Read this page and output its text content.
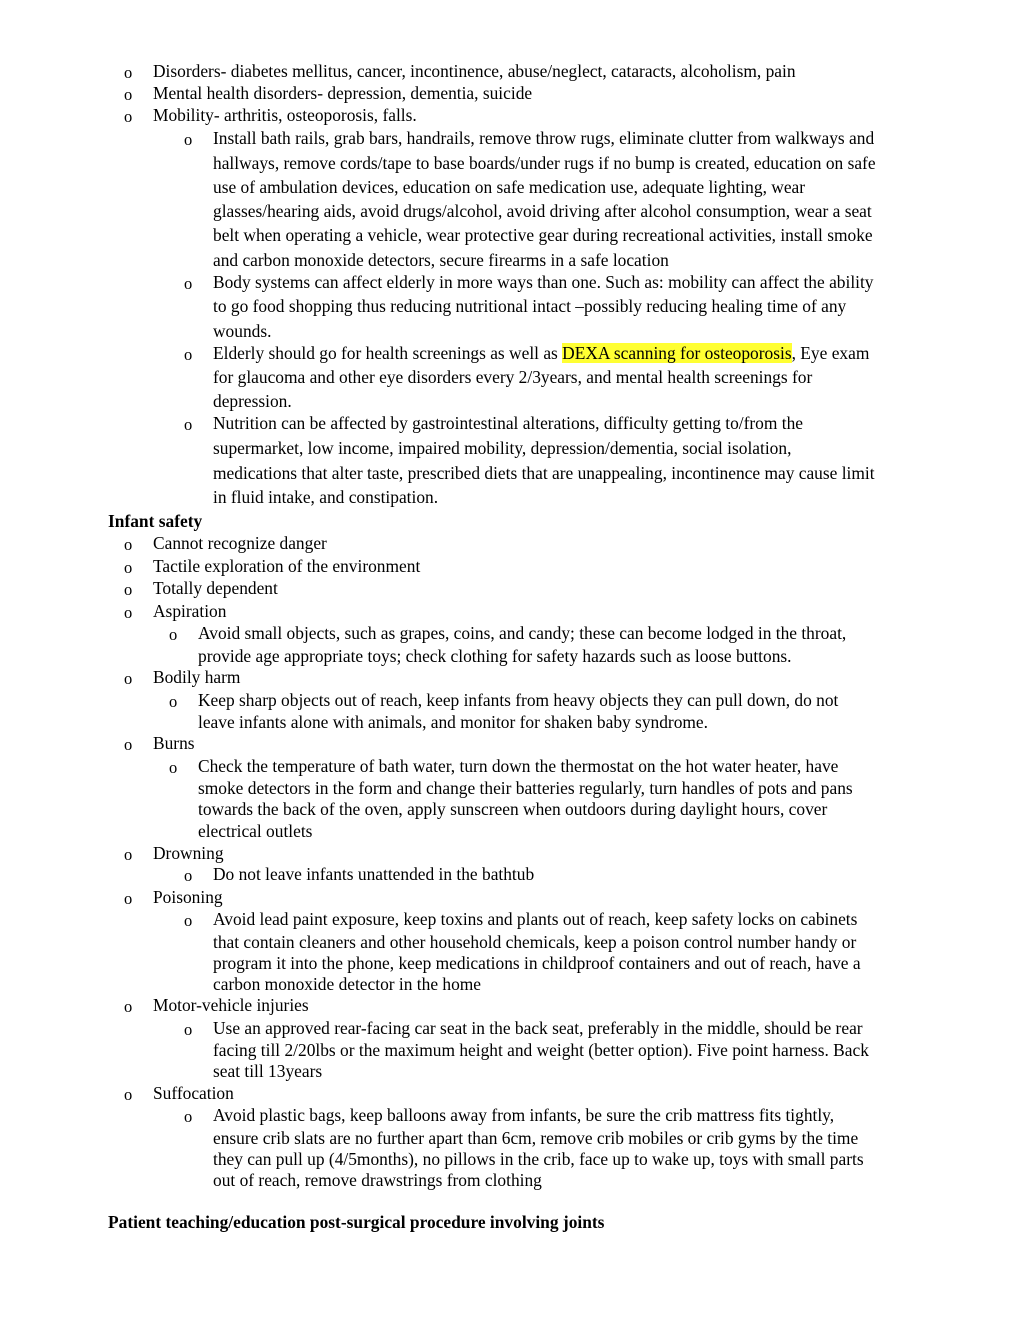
o Disorders- diabetes mellitus, cancer, incontinence, abuse/neglect, cataracts, alcoholism, pain
o Mental health disorders- depression, dementia, suicide
o Mobility- arthritis, osteoporosis, falls.
o Install bath rails, grab bars, handrails, remove throw rugs, eliminate clutter from walkways and
hallways, remove cords/tape to base boards/under rugs if no bump is created, education on safe
use of ambulation devices, education on safe medication use, adequate lighting, wear
glasses/hearing aids, avoid drugs/alcohol, avoid driving after alcohol consumption, wear a seat
belt when operating a vehicle, wear protective gear during recreational activities, install smoke
and carbon monoxide detectors, secure firearms in a safe location
o Body systems can affect elderly in more ways than one. Such as: mobility can affect the ability
to go food shopping thus reducing nutritional intact –possibly reducing healing time of any
wounds.
o Elderly should go for health screenings as well as DEXA scanning for osteoporosis, Eye exam
for glaucoma and other eye disorders every 2/3years, and mental health screenings for
depression.
o Nutrition can be affected by gastrointestinal alterations, difficulty getting to/from the
supermarket, low income, impaired mobility, depression/dementia, social isolation,
medications that alter taste, prescribed diets that are unappealing, incontinence may cause limit
in fluid intake, and constipation.
Infant safety
o Cannot recognize danger
o Tactile exploration of the environment
o Totally dependent
o Aspiration
o Avoid small objects, such as grapes, coins, and candy; these can become lodged in the throat,
provide age appropriate toys; check clothing for safety hazards such as loose buttons.
o Bodily harm
o Keep sharp objects out of reach, keep infants from heavy objects they can pull down, do not
leave infants alone with animals, and monitor for shaken baby syndrome.
o Burns
o Check the temperature of bath water, turn down the thermostat on the hot water heater, have
smoke detectors in the form and change their batteries regularly, turn handles of pots and pans
towards the back of the oven, apply sunscreen when outdoors during daylight hours, cover
electrical outlets
o Drowning
o Do not leave infants unattended in the bathtub
o Poisoning
o Avoid lead paint exposure, keep toxins and plants out of reach, keep safety locks on cabinets
that contain cleaners and other household chemicals, keep a poison control number handy or
program it into the phone, keep medications in childproof containers and out of reach, have a
carbon monoxide detector in the home
o Motor-vehicle injuries
o Use an approved rear-facing car seat in the back seat, preferably in the middle, should be rear
facing till 2/20lbs or the maximum height and weight (better option). Five point harness. Back
seat till 13years
o Suffocation
o Avoid plastic bags, keep balloons away from infants, be sure the crib mattress fits tightly,
ensure crib slats are no further apart than 6cm, remove crib mobiles or crib gyms by the time
they can pull up (4/5months), no pillows in the crib, face up to wake up, toys with small parts
out of reach, remove drawstrings from clothing
Patient teaching/education post-surgical procedure involving joints
